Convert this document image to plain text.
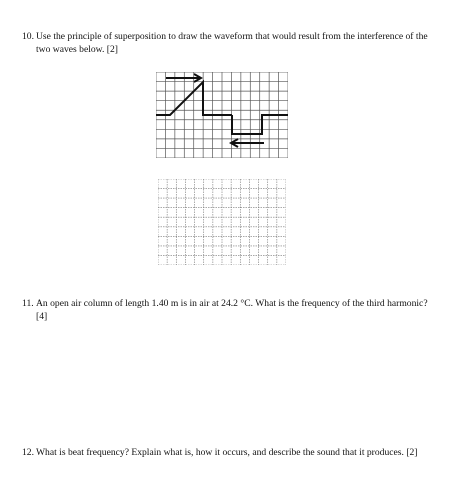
10. Use the principle of superposition to draw the waveform that would result from the interference of the
two waves below. [2]
11. An open air column of length 1.40 m is in air at 24.2 °C. What is the frequency of the third harmonic?
[4]
12. What is beat frequency? Explain what is, how it occurs, and describe the sound that it produces. [2]
